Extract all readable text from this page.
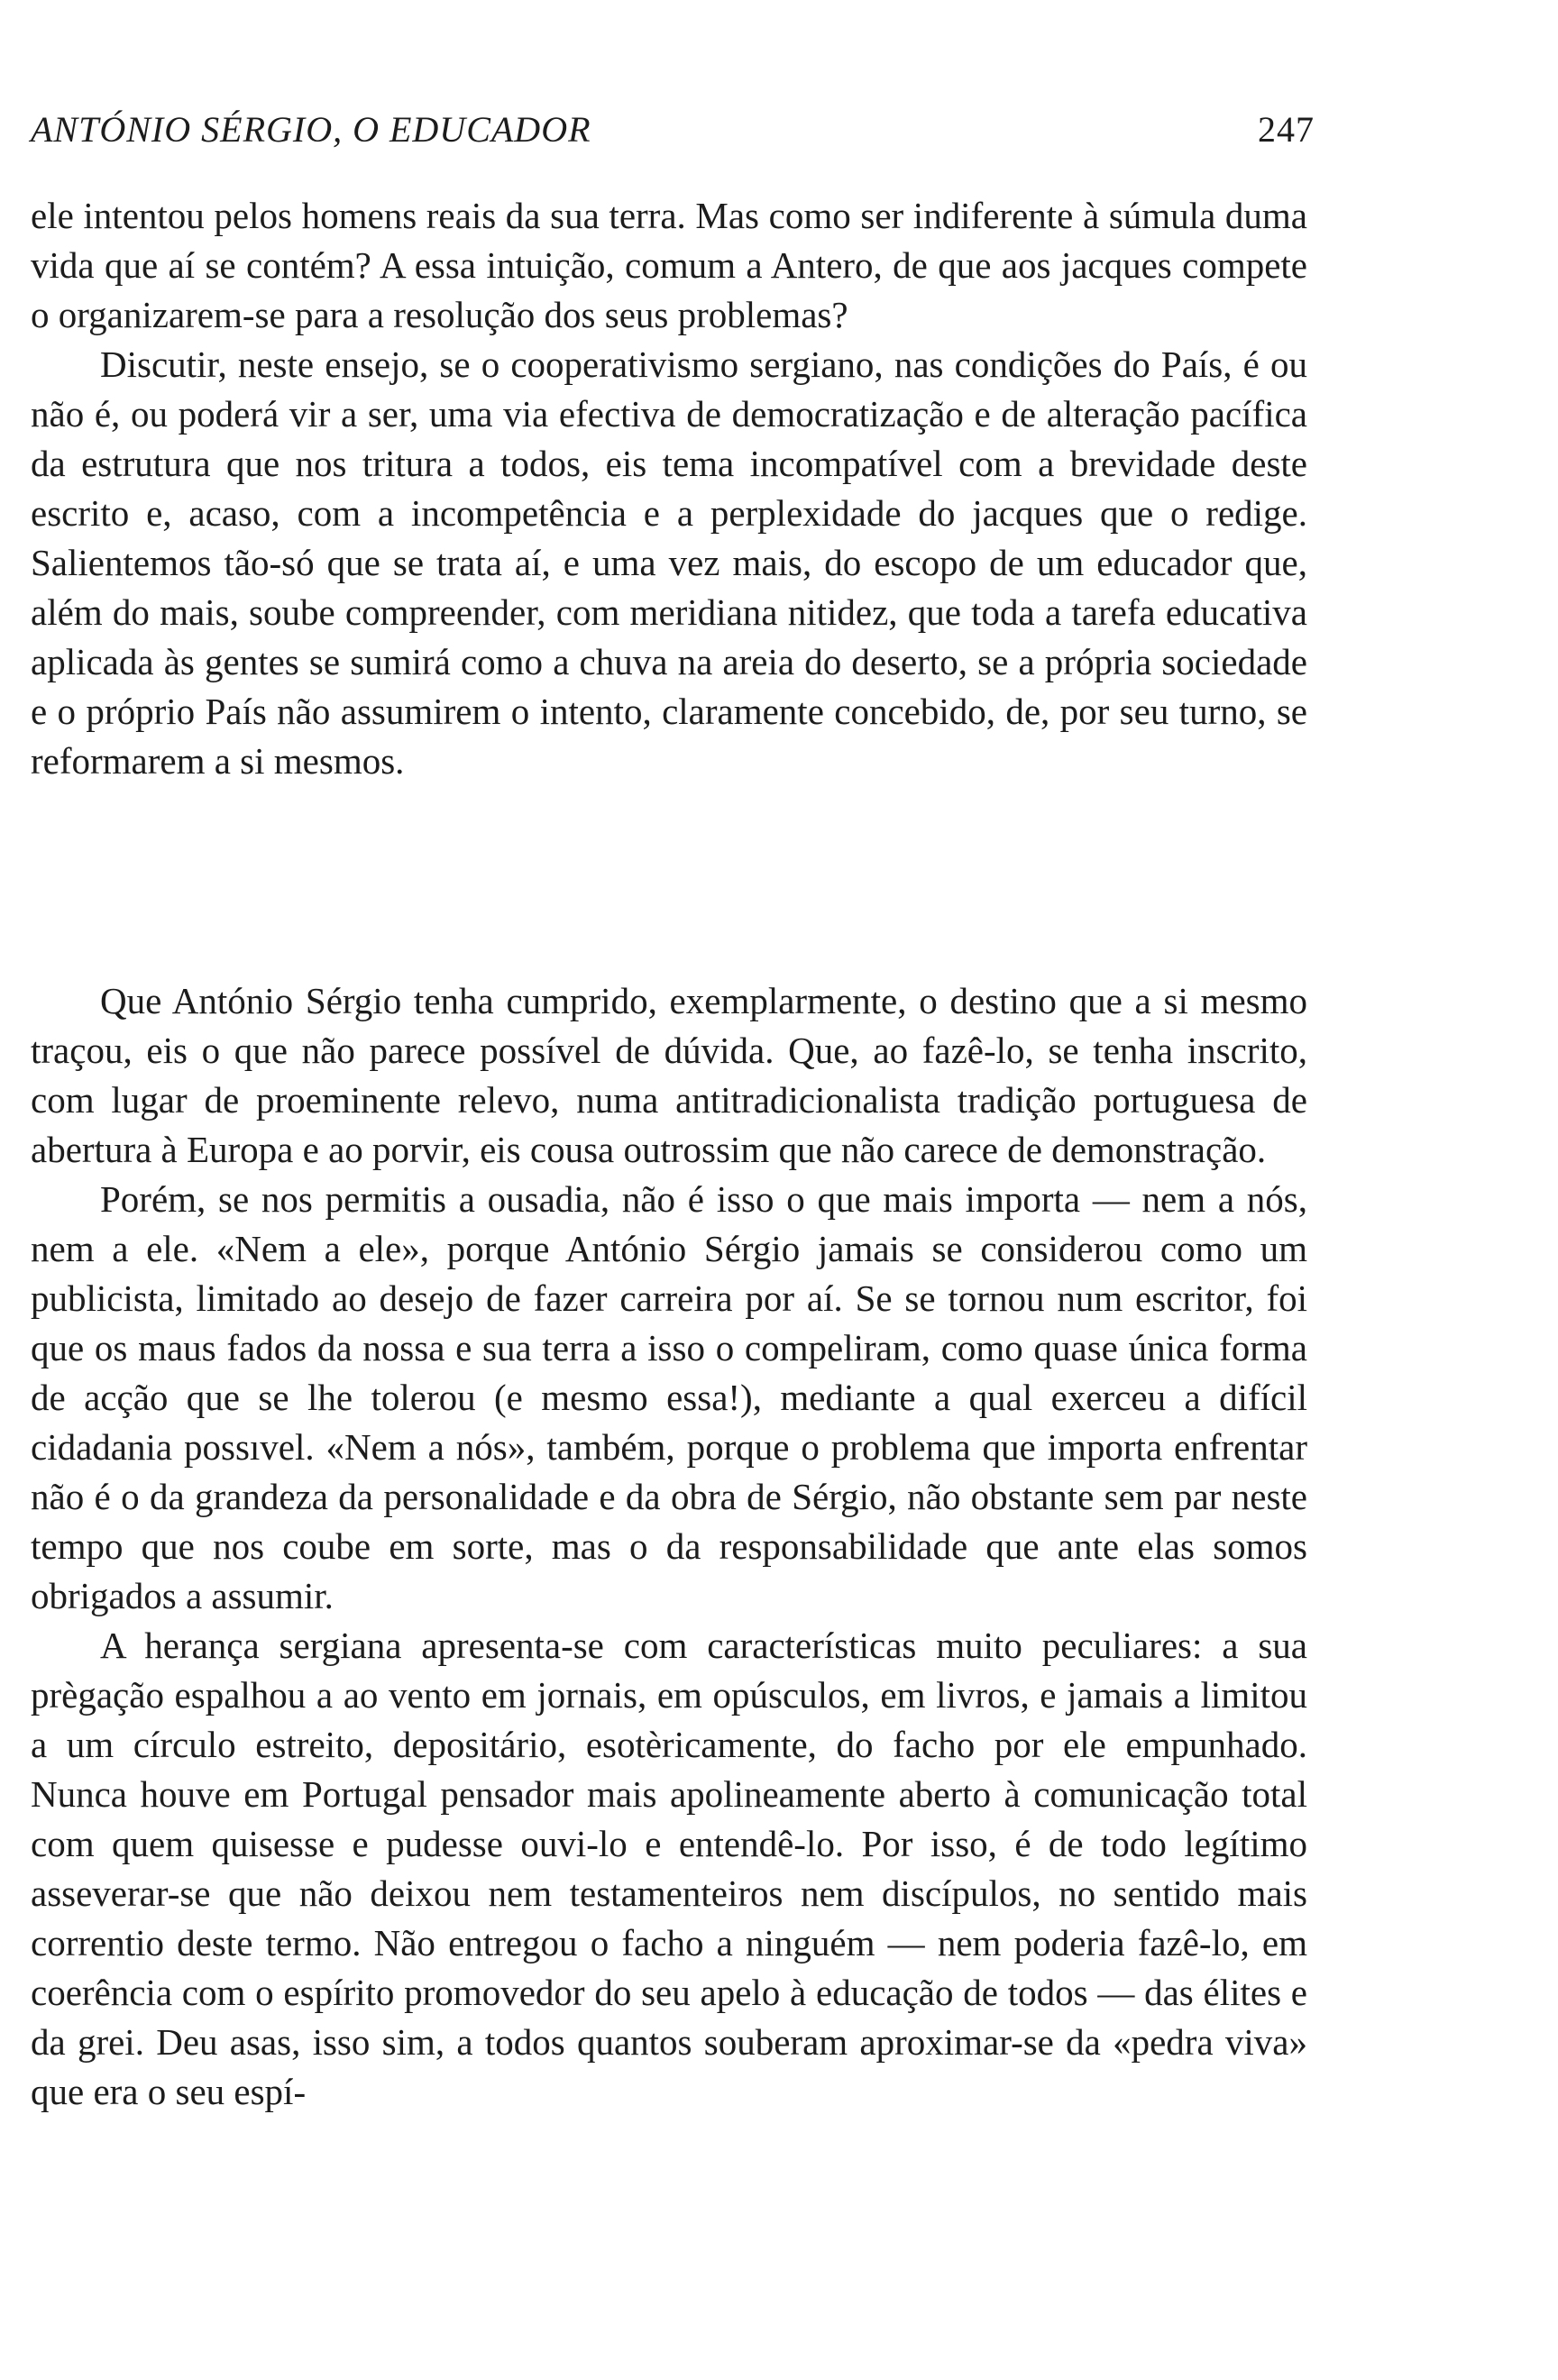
ANTÓNIO SÉRGIO, O EDUCADOR	247

ele intentou pelos homens reais da sua terra. Mas como ser indiferente à súmula duma vida que aí se contém? A essa intuição, comum a Antero, de que aos jacques compete o organizarem-se para a resolução dos seus problemas?

Discutir, neste ensejo, se o cooperativismo sergiano, nas condições do País, é ou não é, ou poderá vir a ser, uma via efectiva de democratização e de alteração pacífica da estrutura que nos tritura a todos, eis tema incompatível com a brevidade deste escrito e, acaso, com a incompetência e a perplexidade do jacques que o redige. Salientemos tão-só que se trata aí, e uma vez mais, do escopo de um educador que, além do mais, soube compreender, com meridiana nitidez, que toda a tarefa educativa aplicada às gentes se sumirá como a chuva na areia do deserto, se a própria sociedade e o próprio País não assumirem o intento, claramente concebido, de, por seu turno, se reformarem a si mesmos.

Que António Sérgio tenha cumprido, exemplarmente, o destino que a si mesmo traçou, eis o que não parece possível de dúvida. Que, ao fazê-lo, se tenha inscrito, com lugar de proeminente relevo, numa antitradicionalista tradição portuguesa de abertura à Europa e ao porvir, eis cousa outrossim que não carece de demonstração.

Porém, se nos permitis a ousadia, não é isso o que mais importa — nem a nós, nem a ele. «Nem a ele», porque António Sérgio jamais se considerou como um publicista, limitado ao desejo de fazer carreira por aí. Se se tornou num escritor, foi que os maus fados da nossa e sua terra a isso o compeliram, como quase única forma de acção que se lhe tolerou (e mesmo essa!), mediante a qual exerceu a difícil cidadania possıvel. «Nem a nós», também, porque o problema que importa enfrentar não é o da grandeza da personalidade e da obra de Sérgio, não obstante sem par neste tempo que nos coube em sorte, mas o da responsabilidade que ante elas somos obrigados a assumir.

A herança sergiana apresenta-se com características muito peculiares: a sua prègação espalhou a ao vento em jornais, em opúsculos, em livros, e jamais a limitou a um círculo estreito, depositário, esotèricamente, do facho por ele empunhado. Nunca houve em Portugal pensador mais apolineamente aberto à comunicação total com quem quisesse e pudesse ouvi-lo e entendê-lo. Por isso, é de todo legítimo asseverar-se que não deixou nem testamenteiros nem discípulos, no sentido mais correntio deste termo. Não entregou o facho a ninguém — nem poderia fazê-lo, em coerência com o espírito promovedor do seu apelo à educação de todos — das élites e da grei. Deu asas, isso sim, a todos quantos souberam aproximar-se da «pedra viva» que era o seu espí-
